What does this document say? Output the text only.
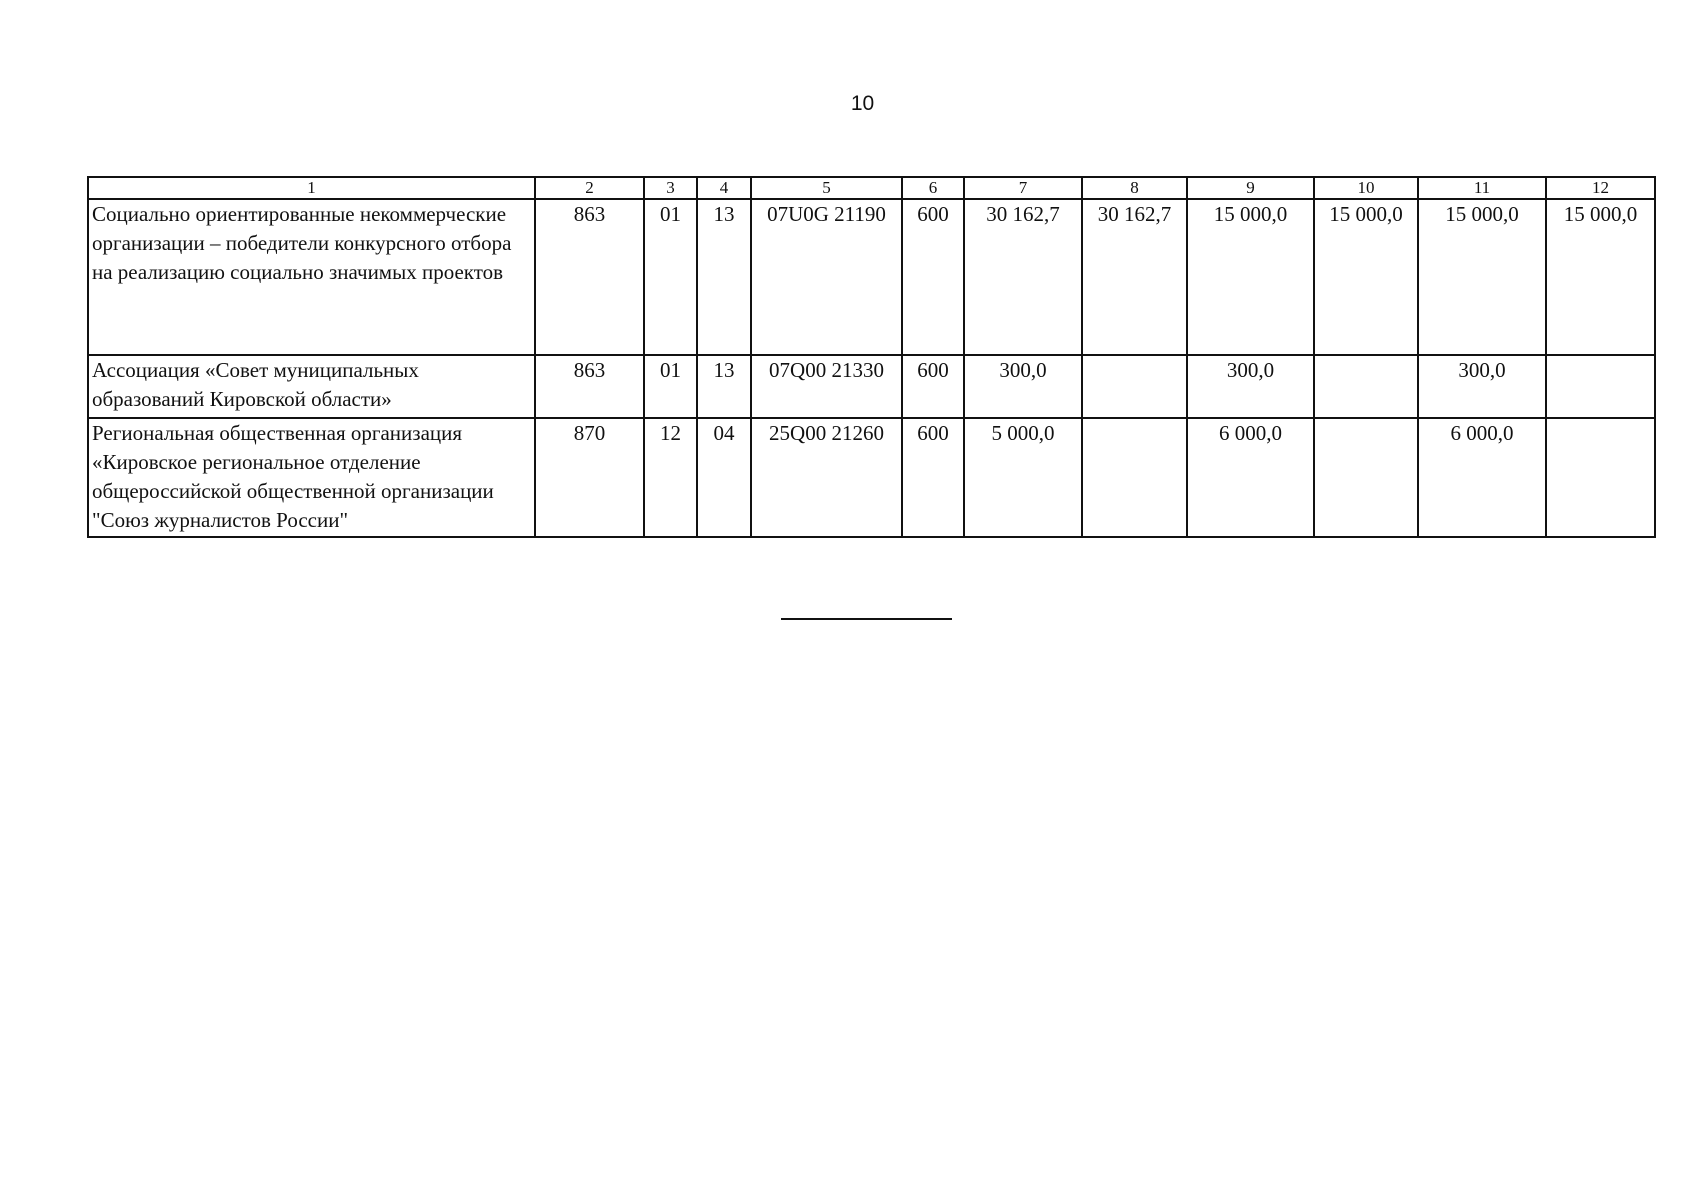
10
1	2	3	4	5	6	7	8	9	10	11	12
Социально ориентированные некоммерческие организации – победители конкурсного отбора на реализацию социально значимых проектов	863	01	13	07U0G 21190	600	30 162,7	30 162,7	15 000,0	15 000,0	15 000,0	15 000,0
Ассоциация «Совет муниципальных образований Кировской области»	863	01	13	07Q00 21330	600	300,0		300,0		300,0	
Региональная общественная организация «Кировское региональное отделение общероссийской общественной организации "Союз журналистов России"	870	12	04	25Q00 21260	600	5 000,0		6 000,0		6 000,0	
